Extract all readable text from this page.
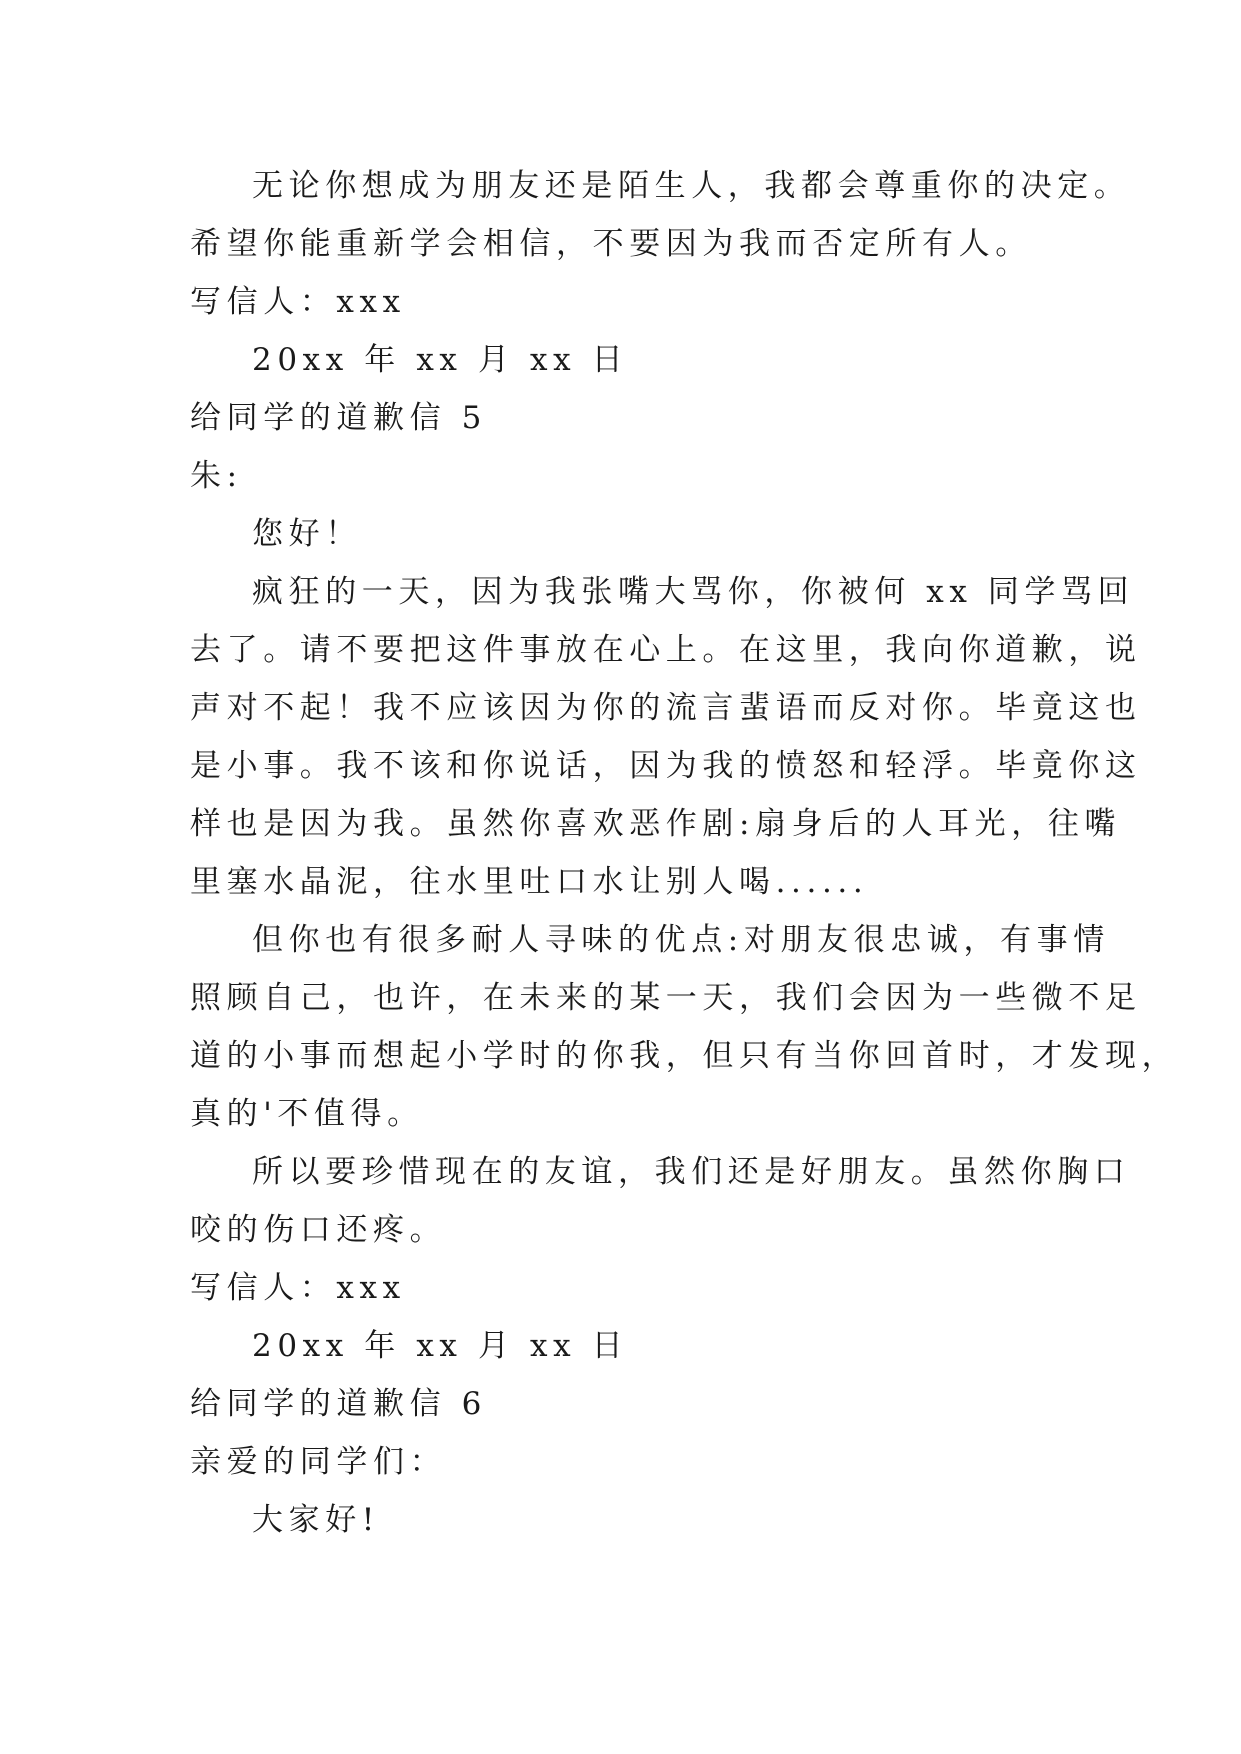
无论你想成为朋友还是陌生人，我都会尊重你的决定。
希望你能重新学会相信，不要因为我而否定所有人。
写信人：xxx
20xx 年 xx 月 xx 日
给同学的道歉信 5
朱:
您好！
疯狂的一天，因为我张嘴大骂你，你被何 xx 同学骂回
去了。请不要把这件事放在心上。在这里，我向你道歉，说
声对不起！我不应该因为你的流言蜚语而反对你。毕竟这也
是小事。我不该和你说话，因为我的愤怒和轻浮。毕竟你这
样也是因为我。虽然你喜欢恶作剧:扇身后的人耳光，往嘴
里塞水晶泥，往水里吐口水让别人喝......
但你也有很多耐人寻味的优点:对朋友很忠诚，有事情
照顾自己，也许，在未来的某一天，我们会因为一些微不足
道的小事而想起小学时的你我，但只有当你回首时，才发现，
真的'不值得。
所以要珍惜现在的友谊，我们还是好朋友。虽然你胸口
咬的伤口还疼。
写信人：xxx
20xx 年 xx 月 xx 日
给同学的道歉信 6
亲爱的同学们：
大家好!
